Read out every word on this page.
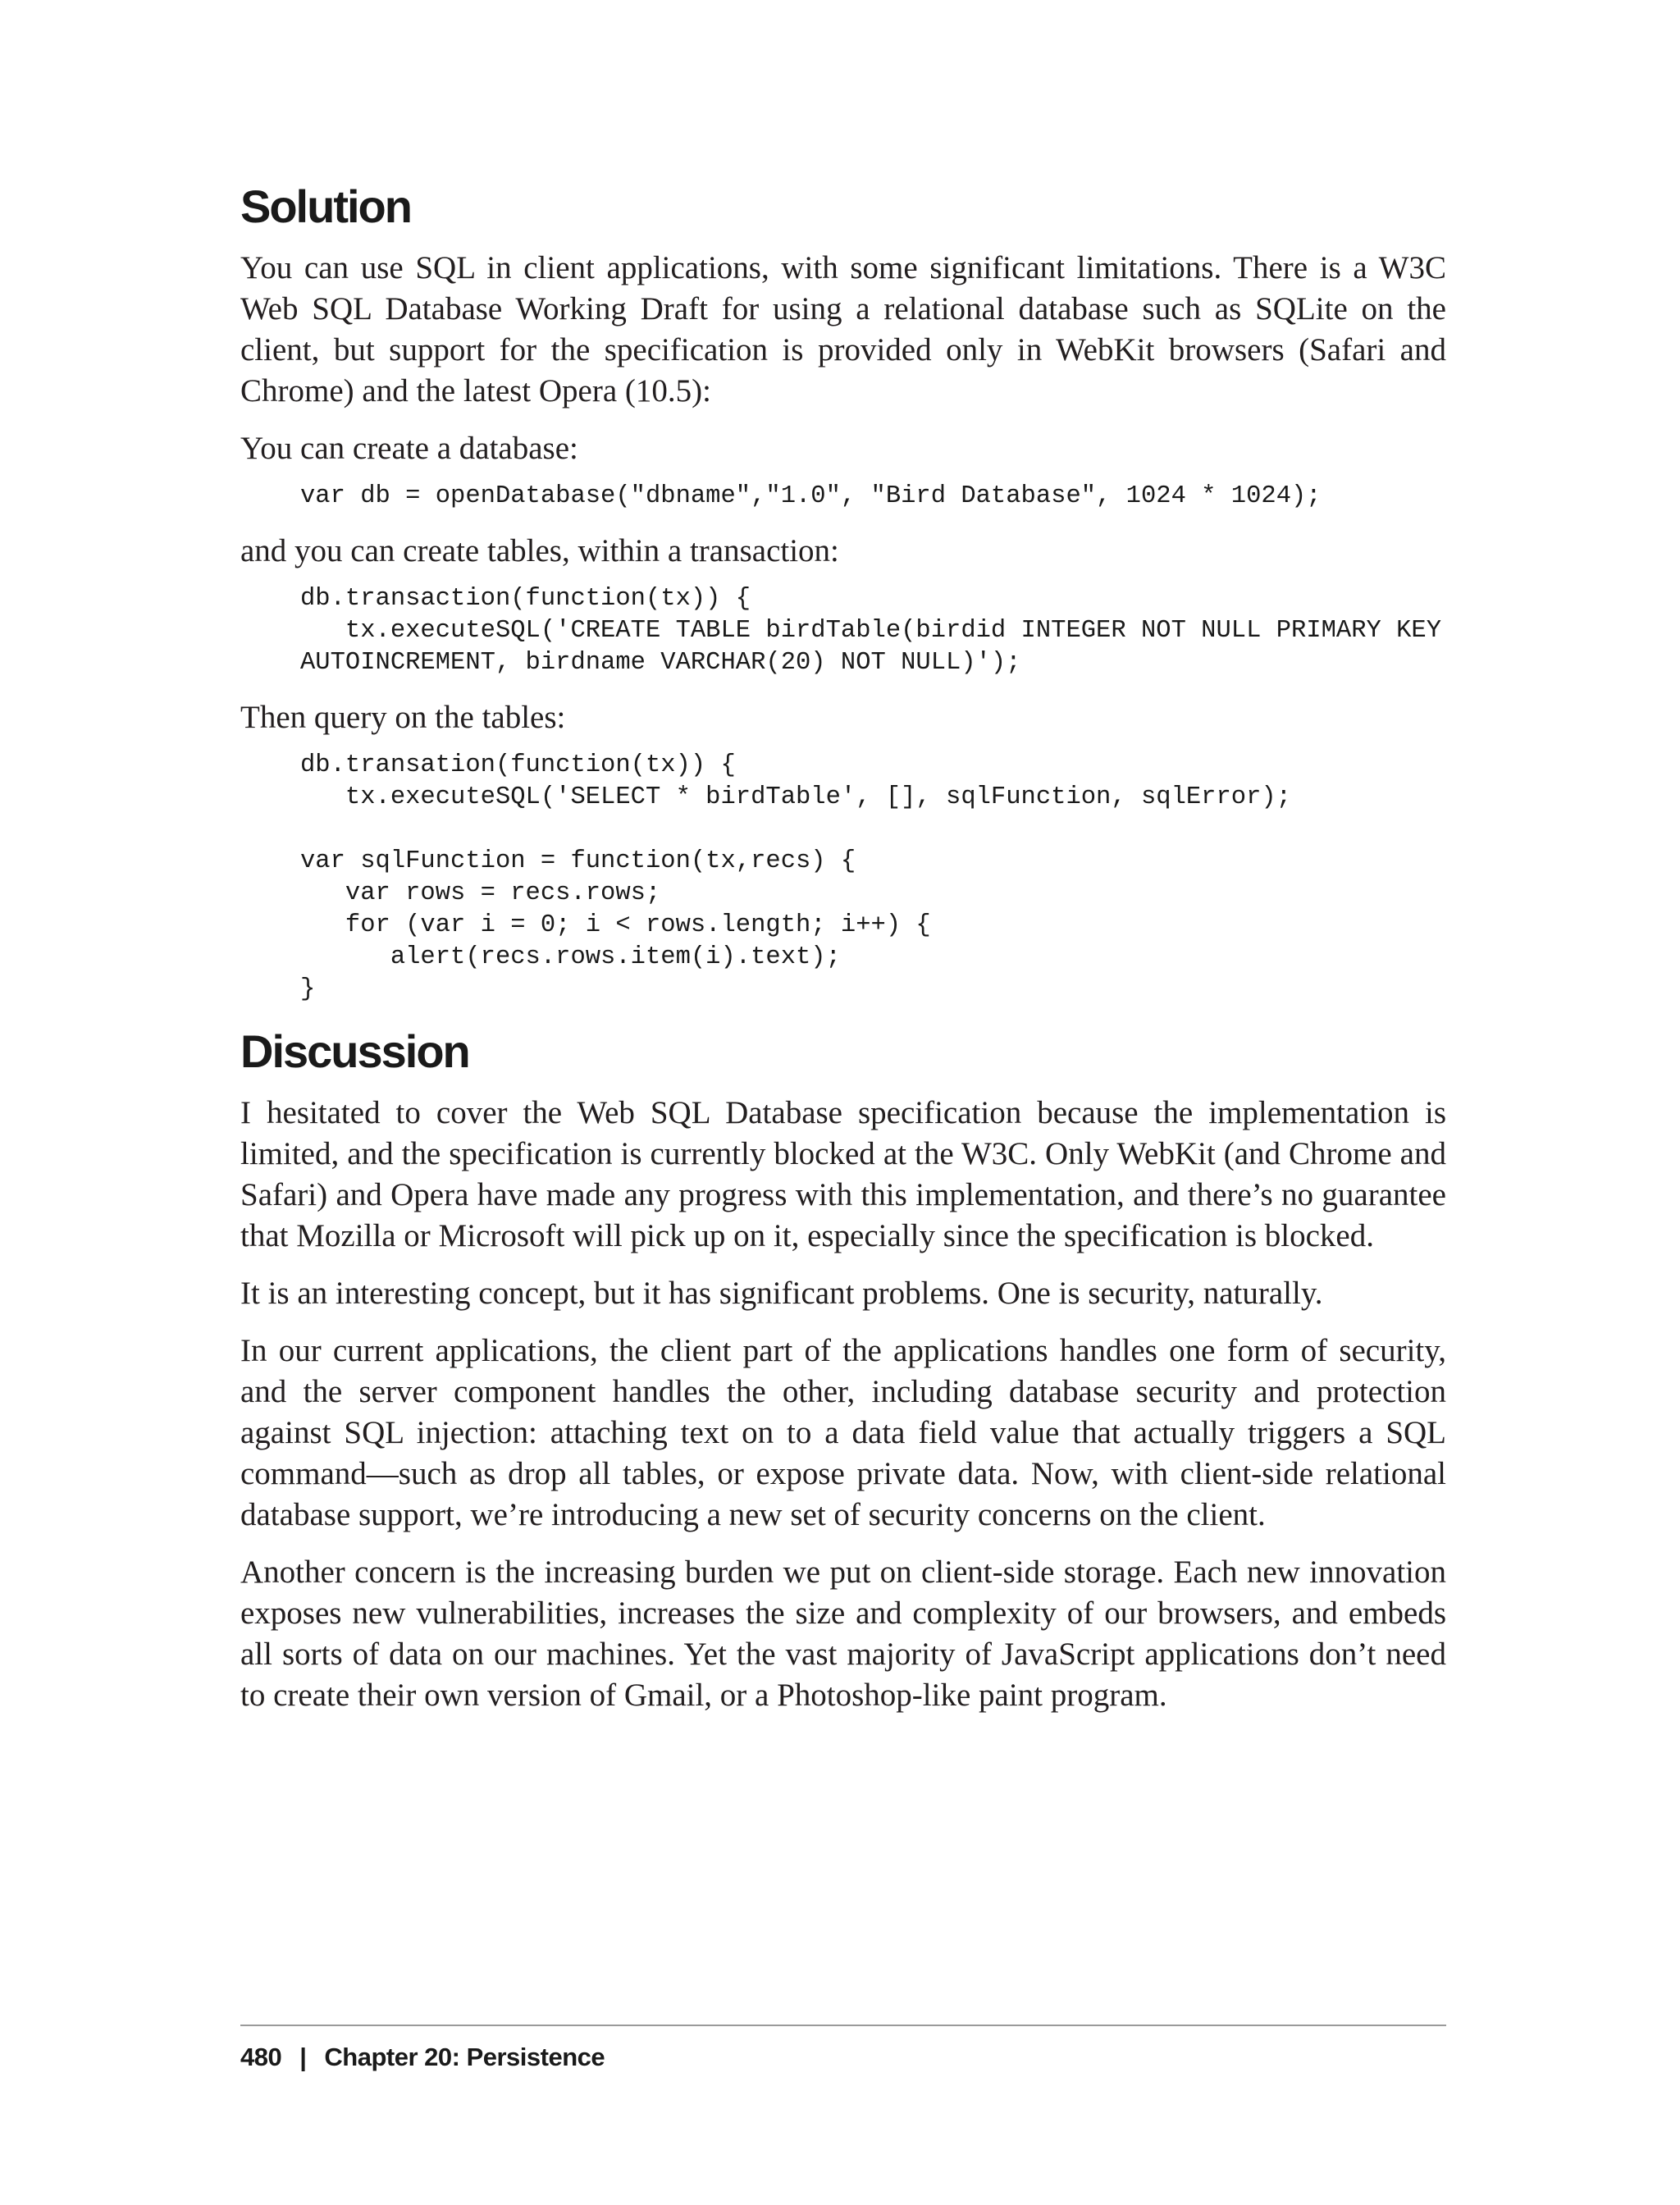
Solution

You can use SQL in client applications, with some significant limitations. There is a W3C Web SQL Database Working Draft for using a relational database such as SQLite on the client, but support for the specification is provided only in WebKit browsers (Safari and Chrome) and the latest Opera (10.5):

You can create a database:

var db = openDatabase("dbname","1.0", "Bird Database", 1024 * 1024);

and you can create tables, within a transaction:

db.transaction(function(tx)) {
tx.executeSQL('CREATE TABLE birdTable(birdid INTEGER NOT NULL PRIMARY KEY
AUTOINCREMENT, birdname VARCHAR(20) NOT NULL)');

Then query on the tables:

db.transation(function(tx)) {
tx.executeSQL('SELECT * birdTable', [], sqlFunction, sqlError);

var sqlFunction = function(tx,recs) {
var rows = recs.rows;
for (var i = 0; i < rows.length; i++) {
alert(recs.rows.item(i).text);
}
Discussion

I hesitated to cover the Web SQL Database specification because the implementation is limited, and the specification is currently blocked at the W3C. Only WebKit (and Chrome and Safari) and Opera have made any progress with this implementation, and there’s no guarantee that Mozilla or Microsoft will pick up on it, especially since the specification is blocked.

It is an interesting concept, but it has significant problems. One is security, naturally.

In our current applications, the client part of the applications handles one form of security, and the server component handles the other, including database security and protection against SQL injection: attaching text on to a data field value that actually triggers a SQL command—such as drop all tables, or expose private data. Now, with client-side relational database support, we’re introducing a new set of security concerns on the client.

Another concern is the increasing burden we put on client-side storage. Each new innovation exposes new vulnerabilities, increases the size and complexity of our browsers, and embeds all sorts of data on our machines. Yet the vast majority of JavaScript applications don’t need to create their own version of Gmail, or a Photoshop-like paint program.

480 | Chapter 20: Persistence
